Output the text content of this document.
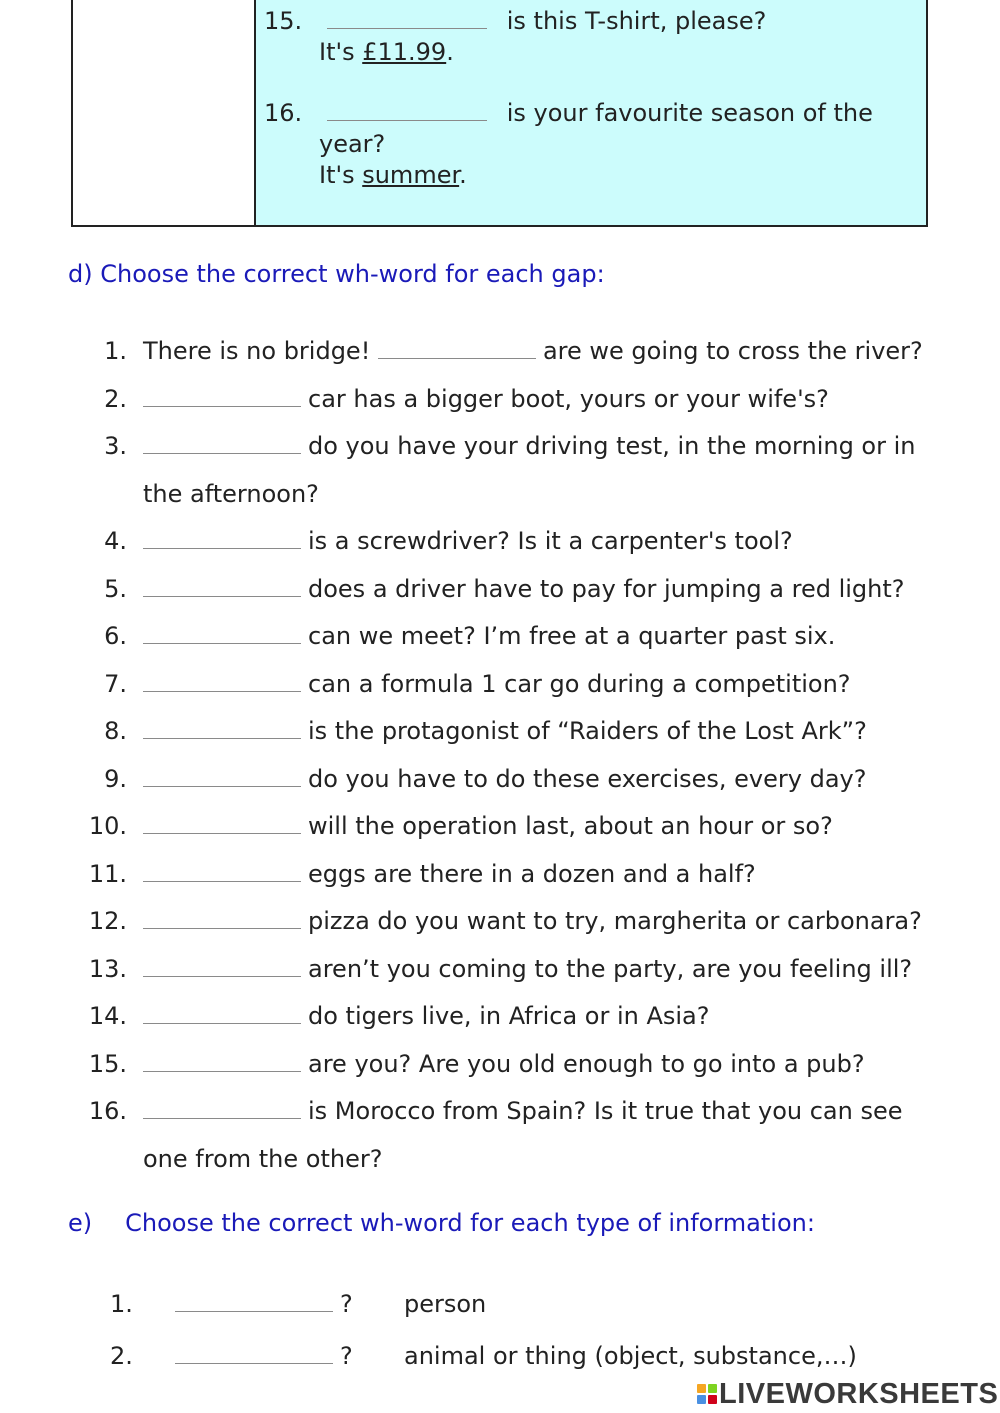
15.	is this T-shirt, please?
It's £11.99.
16.	is your favourite season of the
year?
It's summer.
d) Choose the correct wh-word for each gap:
1. There is no bridge!	are we going to cross the river?
2.	car has a bigger boot, yours or your wife's?
3.	do you have your driving test, in the morning or in
the afternoon?
4.	is a screwdriver? Is it a carpenter's tool?
5.	does a driver have to pay for jumping a red light?
6.	can we meet? I’m free at a quarter past six.
7.	can a formula 1 car go during a competition?
8.	is the protagonist of “Raiders of the Lost Ark”?
9.	do you have to do these exercises, every day?
10.	will the operation last, about an hour or so?
11.	eggs are there in a dozen and a half?
12.	pizza do you want to try, margherita or carbonara?
13.	aren’t you coming to the party, are you feeling ill?
14.	do tigers live, in Africa or in Asia?
15.	are you? Are you old enough to go into a pub?
16.	is Morocco from Spain? Is it true that you can see
one from the other?
e) Choose the correct wh-word for each type of information:
1.	? person
2.	? animal or thing (object, substance,…)
LIVEWORKSHEETS
